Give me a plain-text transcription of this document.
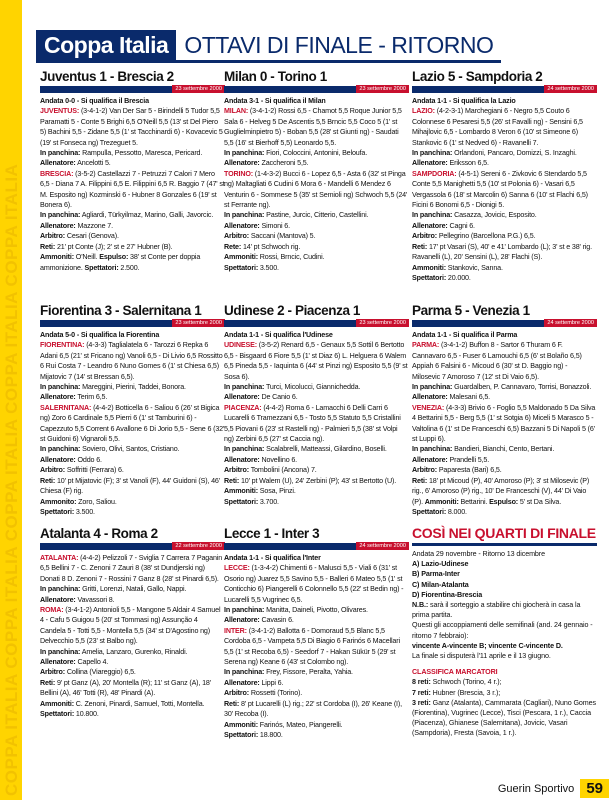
COPPA ITALIA COPPA ITALIA COPPA ITALIA COPPA ITALIA COPPA ITALIA
Coppa Italia OTTAVI DI FINALE - RITORNO
Juventus 1 - Brescia 2
23 settembre 2000

Andata 0-0 - Si qualifica il Brescia

JUVENTUS: (3-4-1-2) Van Der Sar 5 - Birindelli 5 Tudor 5,5 Paramatti 5 - Conte 5 Brighi 6,5 O'Neill 5,5 (13' st Del Piero 5) Bachini 5,5 - Zidane 5,5 (1' st Tacchinardi 6) - Kovacevic 5 (19' st Fonseca ng) Trezeguet 5.

In panchina: Rampulla, Pessotto, Maresca, Pericard.

Allenatore: Ancelotti 5.

BRESCIA: (3-5-2) Castellazzi 7 - Petruzzi 7 Calori 7 Mero 6,5 - Diana 7 A. Filippini 6,5 E. Filippini 6,5 R. Baggio 7 (47' st M. Esposito ng) Kozminski 6 - Hubner 8 Gonzales 6 (19' st Bonera 6).

In panchina: Agliardi, Türkyilmaz, Marino, Galli, Javorcic.

Allenatore: Mazzone 7.

Arbitro: Cesari (Genova).

Reti: 21' pt Conte (J); 2' st e 27' Hubner (B).

Ammoniti: O'Neill. Espulso: 38' st Conte per doppia ammonizione. Spettatori: 2.500.

Milan 0 - Torino 1
23 settembre 2000

Andata 3-1 - Si qualifica il Milan

MILAN: (3-4-1-2) Rossi 6,5 - Chamot 5,5 Roque Junior 5,5 Sala 6 - Helveg 5 De Ascentis 5,5 Brncic 5,5 Coco 5 (1' st Guglielminpietro 5) - Boban 5,5 (28' st Giunti ng) - Saudati 5,5 (16' st Bierhoff 5,5) Leonardo 5,5.

In panchina: Fiori, Coloccini, Antonini, Beloufa.

Allenatore: Zaccheroni 5,5.

TORINO: (1-4-3-2) Bucci 6 - Lopez 6,5 - Asta 6 (32' st Pinga ng) Maltagliati 6 Cudini 6 Mora 6 - Mandelli 6 Mendez 6 Venturin 6 - Sommese 5 (35' st Semioli ng) Schwoch 5,5 (24' st Ferrante ng).

In panchina: Pastine, Jurcic, Citterio, Castellini.

Allenatore: Simoni 6.

Arbitro: Saccani (Mantova) 5.

Rete: 14' pt Schwoch rig.

Ammoniti: Rossi, Brncic, Cudini.

Spettatori: 3.500.

Lazio 5 - Sampdoria 2
24 settembre 2000

Andata 1-1 - Si qualifica la Lazio

LAZIO: (4-2-3-1) Marchegiani 6 - Negro 5,5 Couto 6 Colonnese 6 Pesaresi 5,5 (26' st Favalli ng) - Sensini 6,5 Mihajlovic 6,5 - Lombardo 8 Veron 6 (10' st Simeone 6) Stankovic 6 (1' st Nedved 6) - Ravanelli 7.

In panchina: Orlandoni, Pancaro, Domizzi, S. Inzaghi.

Allenatore: Eriksson 6,5.

SAMPDORIA: (4-5-1) Sereni 6 - Zivkovic 6 Stendardo 5,5 Conte 5,5 Manighetti 5,5 (10' st Polonia 6) - Vasari 6,5 Vergassola 6 (18' st Marcolin 6) Sanna 6 (10' st Flachi 6,5) Ficini 6 Bonomi 6,5 - Dionigi 5.

In panchina: Casazza, Jovicic, Esposito.

Allenatore: Cagni 6.

Arbitro: Pellegrino (Barcellona P.G.) 6,5.

Reti: 17' pt Vasari (S), 40' e 41' Lombardo (L); 3' st e 38' rig. Ravanelli (L), 20' Sensini (L), 28' Flachi (S).

Ammoniti: Stankovic, Sanna.

Spettatori: 20.000.

Fiorentina 3 - Salernitana 1
23 settembre 2000

Andata 5-0 - Si qualifica la Fiorentina

FIORENTINA: (4-3-3) Taglialatela 6 - Tarozzi 6 Repka 6 Adani 6,5 (21' st Fricano ng) Vanoli 6,5 - Di Livio 6,5 Rossitto 6 Rui Costa 7 - Leandro 6 Nuno Gomes 6 (1' st Chiesa 6,5) Mijatovic 7 (14' st Bressan 6,5).

In panchina: Mareggini, Pierini, Taddei, Bonora.

Allenatore: Terim 6,5.

SALERNITANA: (4-4-2) Botticella 6 - Saliou 6 (26' st Bigica ng) Zoro 6 Cardinale 5,5 Pierri 6 (1' st Tamburini 6) - Capezzuto 5,5 Corrent 6 Avallone 6 Di Jorio 5,5 - Sene 6 (32' st Guidoni 6) Vignaroli 5,5.

In panchina: Soviero, Olivi, Santos, Cristiano.

Allenatore: Oddo 6.

Arbitro: Soffritti (Ferrara) 6.

Reti: 10' pt Mijatovic (F); 3' st Vanoli (F), 44' Guidoni (S), 46' Chiesa (F) rig.

Ammonito: Zoro, Saliou.

Spettatori: 3.500.

Udinese 2 - Piacenza 1
23 settembre 2000

Andata 1-1 - Si qualifica l'Udinese

UDINESE: (3-5-2) Renard 6,5 - Genaux 5,5 Sottil 6 Bertotto 6,5 - Bisgaard 6 Fiore 5,5 (1' st Diaz 6) L. Helguera 6 Walem 6,5 Pineda 5,5 - Iaquinta 6 (44' st Pinzi ng) Esposito 5,5 (9' st Sosa 6).

In panchina: Turci, Micolucci, Giannichedda.

Allenatore: De Canio 6.

PIACENZA: (4-4-2) Roma 6 - Lamacchi 6 Delli Carri 6 Lucarelli 6 Tramezzani 6,5 - Tosto 5,5 Statuto 5,5 Cristallini 5,5 Piovani 6 (23' st Rastelli ng) - Palmieri 5,5 (38' st Volpi ng) Zerbini 6,5 (27' st Caccia ng).

In panchina: Scalabrelli, Matteassi, Gilardino, Boselli.

Allenatore: Novellino 6.

Arbitro: Tombolini (Ancona) 7.

Reti: 10' pt Walem (U), 24' Zerbini (P); 43' st Bertotto (U).

Ammoniti: Sosa, Pinzi.

Spettatori: 3.700.

Parma 5 - Venezia 1
24 settembre 2000

Andata 1-1 - Si qualifica il Parma

PARMA: (3-4-1-2) Buffon 8 - Sartor 6 Thuram 6 F. Cannavaro 6,5 - Fuser 6 Lamouchi 6,5 (6' st Bolaño 6,5) Appiah 6 Falsini 6 - Micoud 6 (30' st D. Baggio ng) - Milosevic 7 Amoroso 7 (12' st Di Vaio 6,5).

In panchina: Guardalben, P. Cannavaro, Torrisi, Bonazzoli.

Allenatore: Malesani 6,5.

VENEZIA: (4-3-3) Brivio 6 - Foglio 5,5 Maldonado 5 Da Silva 4 Bettarini 5,5 - Berg 5,5 (1' st Sotgia 6) Miceli 5 Marasco 5 - Valtolina 6 (1' st De Franceschi 6,5) Bazzani 5 Di Napoli 5 (6' st Luppi 6).

In panchina: Bandieri, Bianchi, Cento, Bertani.

Allenatore: Prandelli 5,5.

Arbitro: Paparesta (Bari) 6,5.

Reti: 18' pt Micoud (P), 40' Amoroso (P); 3' st Milosevic (P) rig., 6' Amoroso (P) rig., 10' De Franceschi (V), 44' Di Vaio (P). Ammoniti: Bettarini. Espulso: 5' st Da Silva.

Spettatori: 8.000.

Atalanta 4 - Roma 2
22 settembre 2000

ATALANTA: (4-4-2) Pelizzoli 7 - Sviglia 7 Carrera 7 Paganin 6,5 Bellini 7 - C. Zenoni 7 Zauri 8 (38' st Dundjerski ng) Donati 8 D. Zenoni 7 - Rossini 7 Ganz 8 (28' st Pinardi 6,5).

In panchina: Gritti, Lorenzi, Natali, Gallo, Nappi.

Allenatore: Vavassori 8.

ROMA: (3-4-1-2) Antonioli 5,5 - Mangone 5 Aldair 4 Samuel 4 - Cafu 5 Guigou 5 (20' st Tommasi ng) Assunção 4 Candela 5 - Totti 5,5 - Montella 5,5 (34' st D'Agostino ng) Delvecchio 5,5 (23' st Balbo ng).

In panchina: Amelia, Lanzaro, Gurenko, Rinaldi.

Allenatore: Capello 4.

Arbitro: Collina (Viareggio) 6,5.

Reti: 9' pt Ganz (A), 20' Montella (R); 11' st Ganz (A), 18' Bellini (A), 46' Totti (R), 48' Pinardi (A).

Ammoniti: C. Zenoni, Pinardi, Samuel, Totti, Montella.

Spettatori: 10.800.

Lecce 1 - Inter 3
24 settembre 2000

Andata 1-1 - Si qualifica l'Inter

LECCE: (1-3-4-2) Chimenti 6 - Malusci 5,5 - Viali 6 (31' st Osorio ng) Juarez 5,5 Savino 5,5 - Balleri 6 Mateo 5,5 (1' st Conticchio 6) Piangerelli 6 Colonnello 5,5 (22' st Bedin ng) - Lucarelli 5,5 Vugrinec 6,5.

In panchina: Manitta, Daineli, Pivotto, Olivares.

Allenatore: Cavasin 6.

INTER: (3-4-1-2) Ballotta 6 - Domoraud 5,5 Blanc 5,5 Cordoba 6,5 - Vampeta 5,5 Di Biagio 6 Farinós 6 Macellari 5,5 (1' st Recoba 6,5) - Seedorf 7 - Hakan Sükür 5 (29' st Serena ng) Keane 6 (43' st Colombo ng).

In panchina: Frey, Fissore, Peralta, Yahia.

Allenatore: Lippi 6.

Arbitro: Rossetti (Torino).

Reti: 8' pt Lucarelli (L) rig.; 22' st Cordoba (I), 26' Keane (I), 30' Recoba (I).

Ammoniti: Farinós, Mateo, Piangerelli.

Spettatori: 18.800.

COSÌ NEI QUARTI DI FINALE

Andata 29 novembre - Ritorno 13 dicembre

A) Lazio-Udinese

B) Parma-Inter

C) Milan-Atalanta

D) Fiorentina-Brescia

N.B.: sarà il sorteggio a stabilire chi giocherà in casa la prima partita.

Questi gli accoppiamenti delle semifinali (and. 24 gennaio - ritorno 7 febbraio):

vincente A-vincente B; vincente C-vincente D.

La finale si disputerà l'11 aprile e il 13 giugno.

CLASSIFICA MARCATORI

8 reti: Schwoch (Torino, 4 r.);

7 reti: Hubner (Brescia, 3 r.);

3 reti: Ganz (Atalanta), Cammarata (Cagliari), Nuno Gomes (Fiorentina), Vugrinec (Lecce), Tisci (Pescara, 1 r.), Caccia (Piacenza), Ghianese (Salernitana), Jovicic, Vasari (Sampdoria), Fresta (Savoia, 1 r.).

Guerin Sportivo 59
